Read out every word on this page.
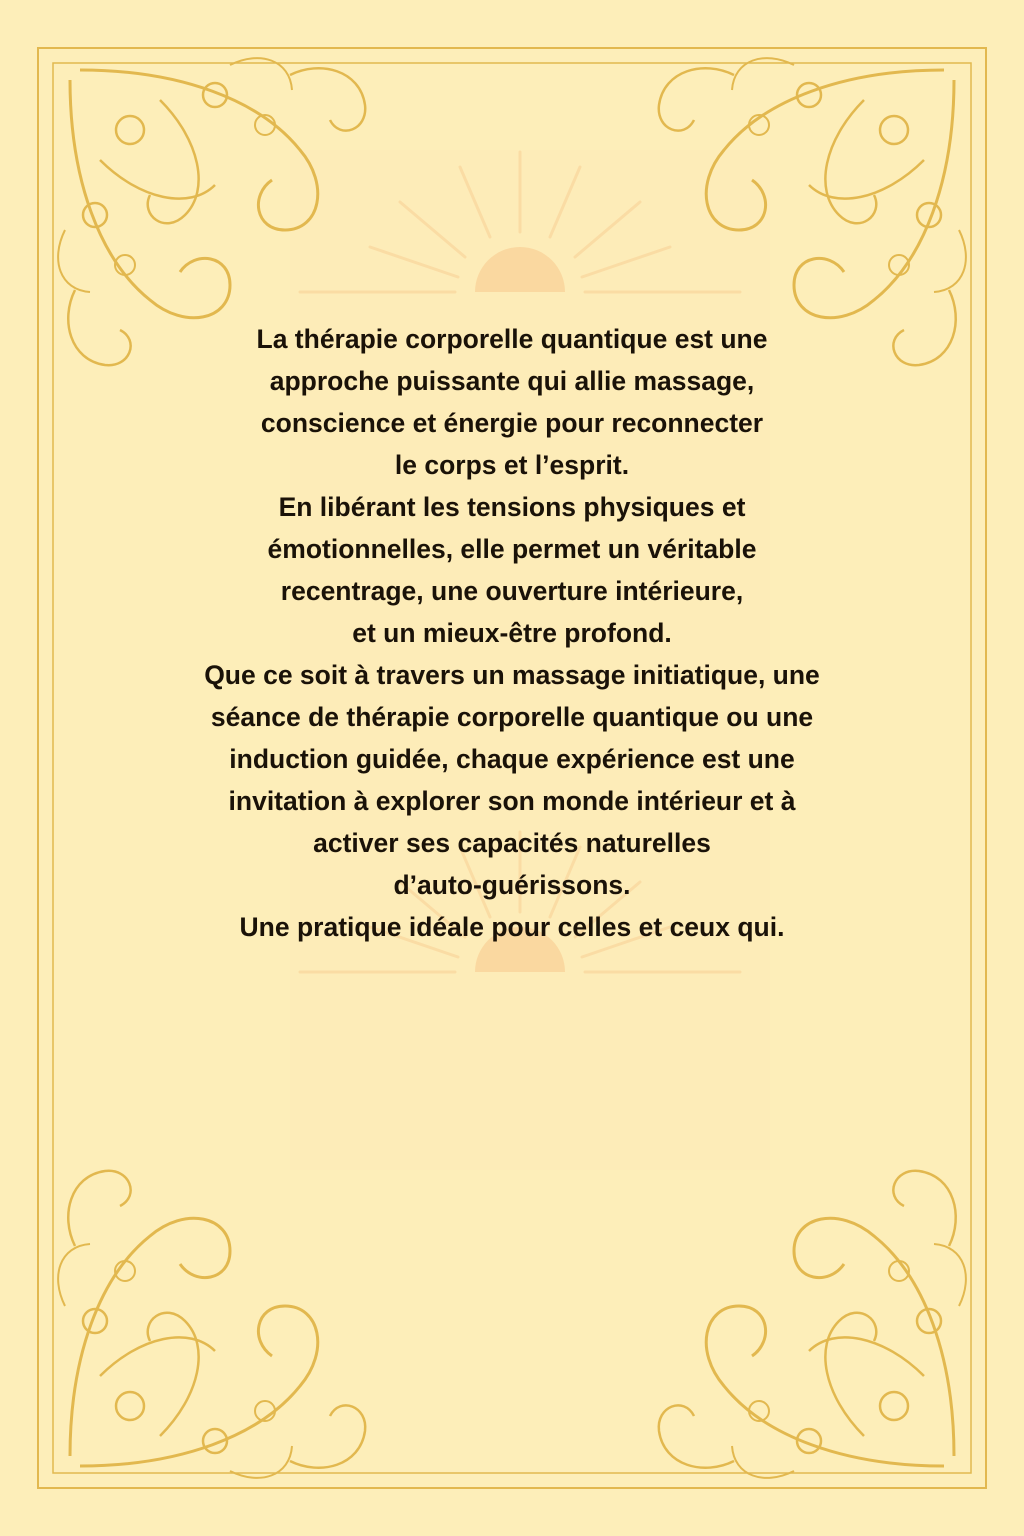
La thérapie corporelle quantique est une
approche puissante qui allie massage,
conscience et énergie pour reconnecter
le corps et l’esprit.
En libérant les tensions physiques et
émotionnelles, elle permet un véritable
recentrage, une ouverture intérieure,
et un mieux-être profond.
Que ce soit à travers un massage initiatique, une
séance de thérapie corporelle quantique ou une
induction guidée, chaque expérience est une
invitation à explorer son monde intérieur et à
activer ses capacités naturelles
d’auto-guérissons.
Une pratique idéale pour celles et ceux qui.
